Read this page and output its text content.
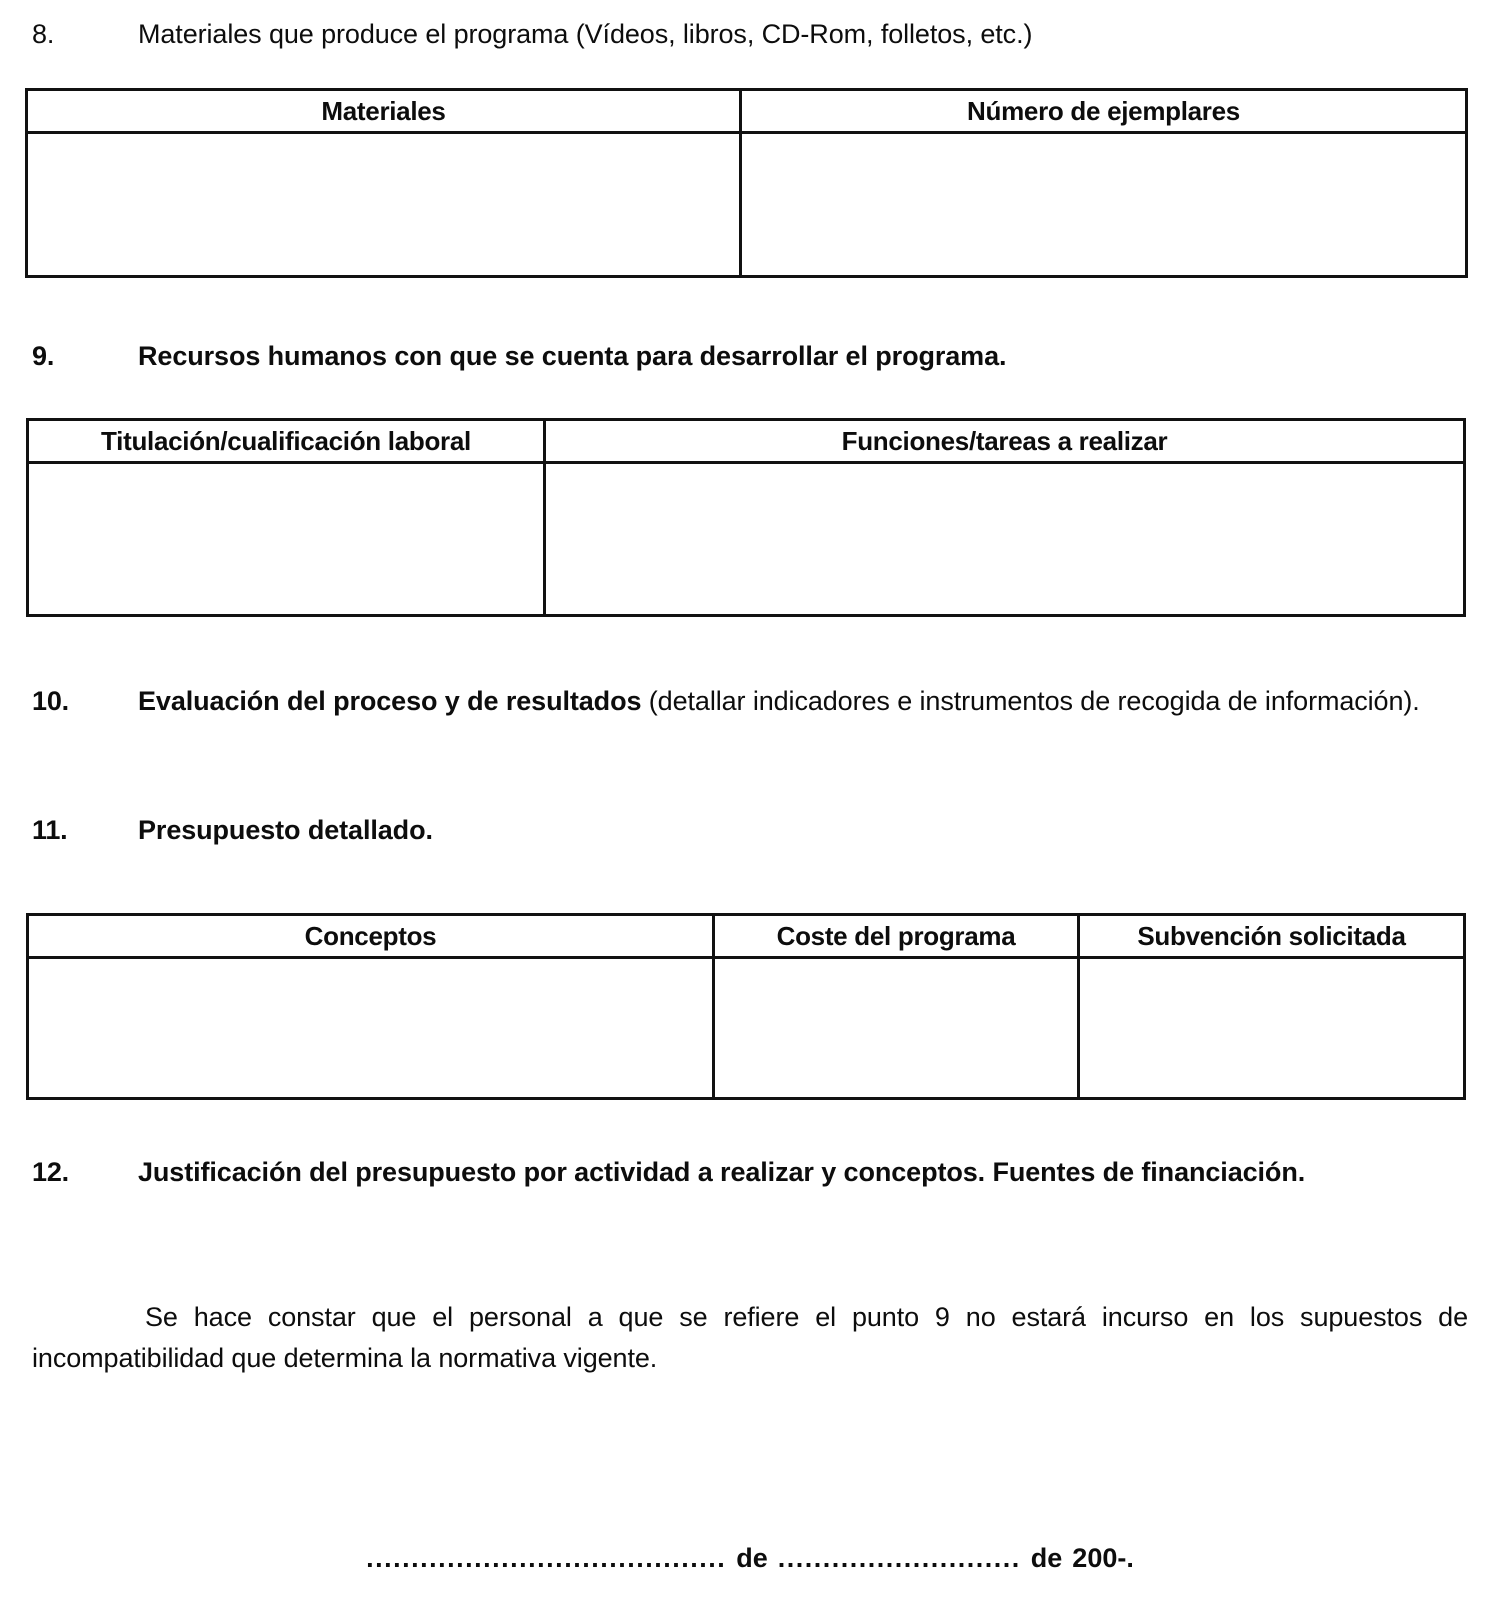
8.	Materiales que produce el programa (Vídeos, libros, CD-Rom, folletos, etc.)
Materiales	Número de ejemplares
9.	Recursos humanos con que se cuenta para desarrollar el programa.
Titulación/cualificación laboral	Funciones/tareas a realizar
10.	Evaluación del proceso y de resultados (detallar indicadores e instrumentos de recogida de información).
11.	Presupuesto detallado.
Conceptos	Coste del programa	Subvención solicitada
12.	Justificación del presupuesto por actividad a realizar y conceptos. Fuentes de financiación.
Se hace constar que el personal a que se refiere el punto 9 no estará incurso en los supuestos de incompatibilidad que determina la normativa vigente.
........................................ de ........................... de 200-.
